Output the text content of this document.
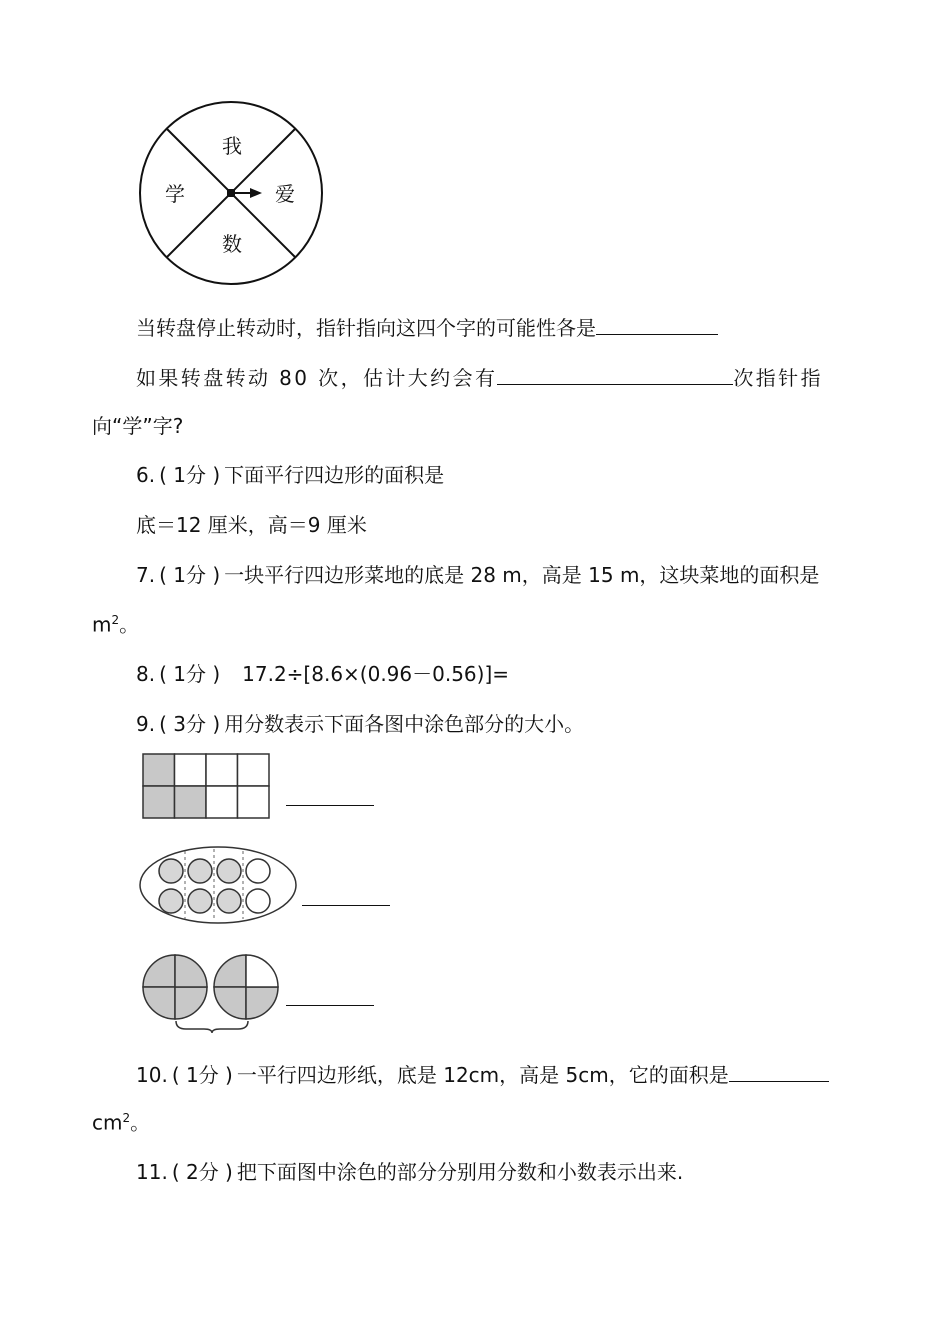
我
爱
数
学
当转盘停止转动时，指针指向这四个字的可能性各是
如果转盘转动 80 次，估计大约会有	次指针指
向“学”字?
6. ( 1分 ) 下面平行四边形的面积是
底＝12 厘米，高＝9 厘米
7. ( 1分 ) 一块平行四边形菜地的底是 28 m，高是 15 m，这块菜地的面积是
$m^2$。
8. ( 1分 ) 17.2÷[8.6×(0.96－0.56)]=
9. ( 3分 ) 用分数表示下面各图中涂色部分的大小。
10. ( 1分 ) 一平行四边形纸，底是 12cm，高是 5cm，它的面积是
$cm^2$。
11. ( 2分 ) 把下面图中涂色的部分分别用分数和小数表示出来.
